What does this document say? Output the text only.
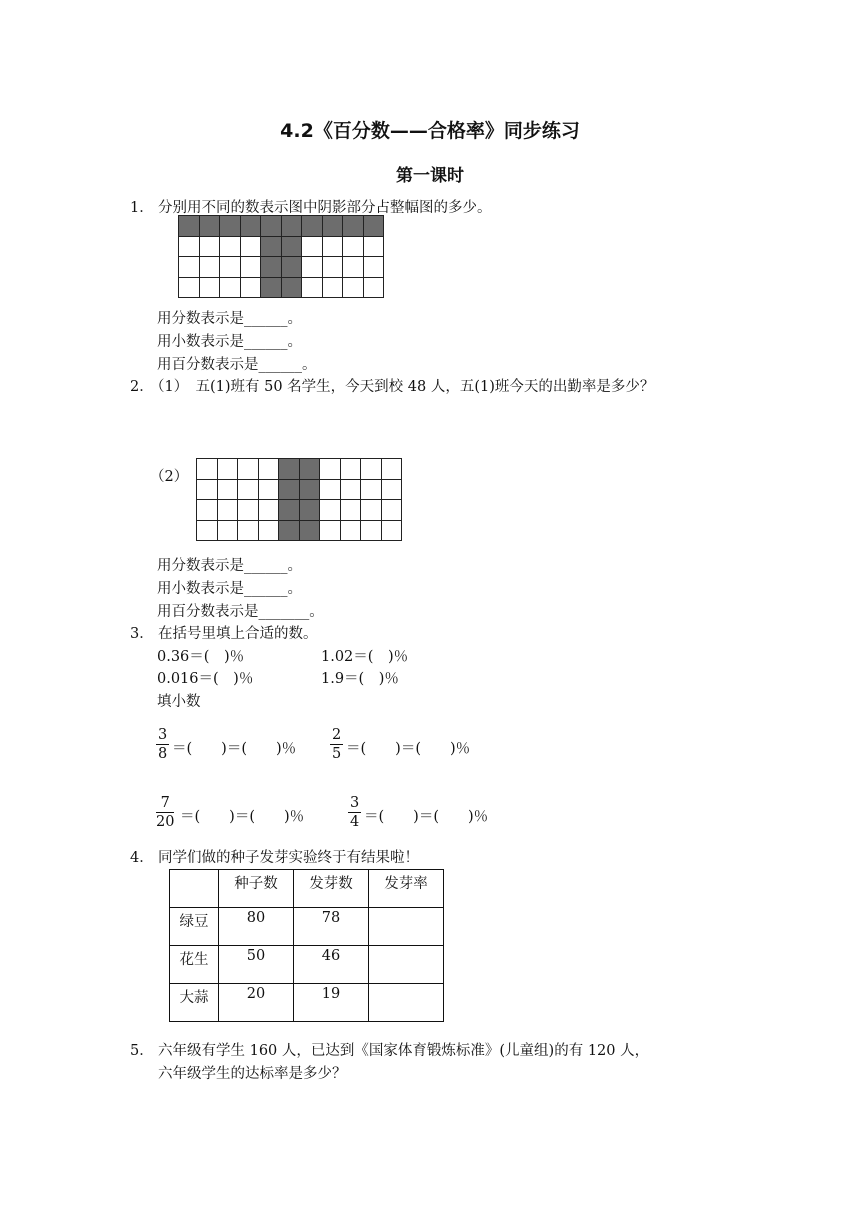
4.2《百分数——合格率》同步练习
第一课时
1． 分别用不同的数表示图中阴影部分占整幅图的多少。

用分数表示是______。
用小数表示是______。
用百分数表示是______。
2．
（1）　五(1)班有 50 名学生，今天到校 48 人，五(1)班今天的出勤率是多少？
（2）

用分数表示是______。
用小数表示是______。
用百分数表示是_______。
3． 在括号里填上合适的数。
0.36＝(　)％	1.02＝(　)％
0.016＝(　)％	1.9＝(　)％
填小数
$\frac{3}{8}$ ＝(　　)＝(　　)％ $\frac{2}{5}$ ＝(　　)＝(　　)％
$\frac{7}{20}$ ＝(　　)＝(　　)％	$\frac{3}{4}$ ＝(　　)＝(　　)％
4． 同学们做的种子发芽实验终于有结果啦！
	种子数	发芽数	发芽率
绿豆	80	78	
花生	50	46	
大蒜	20	19	
5． 六年级有学生 160 人，已达到《国家体育锻炼标准》(儿童组)的有 120 人，
六年级学生的达标率是多少？
